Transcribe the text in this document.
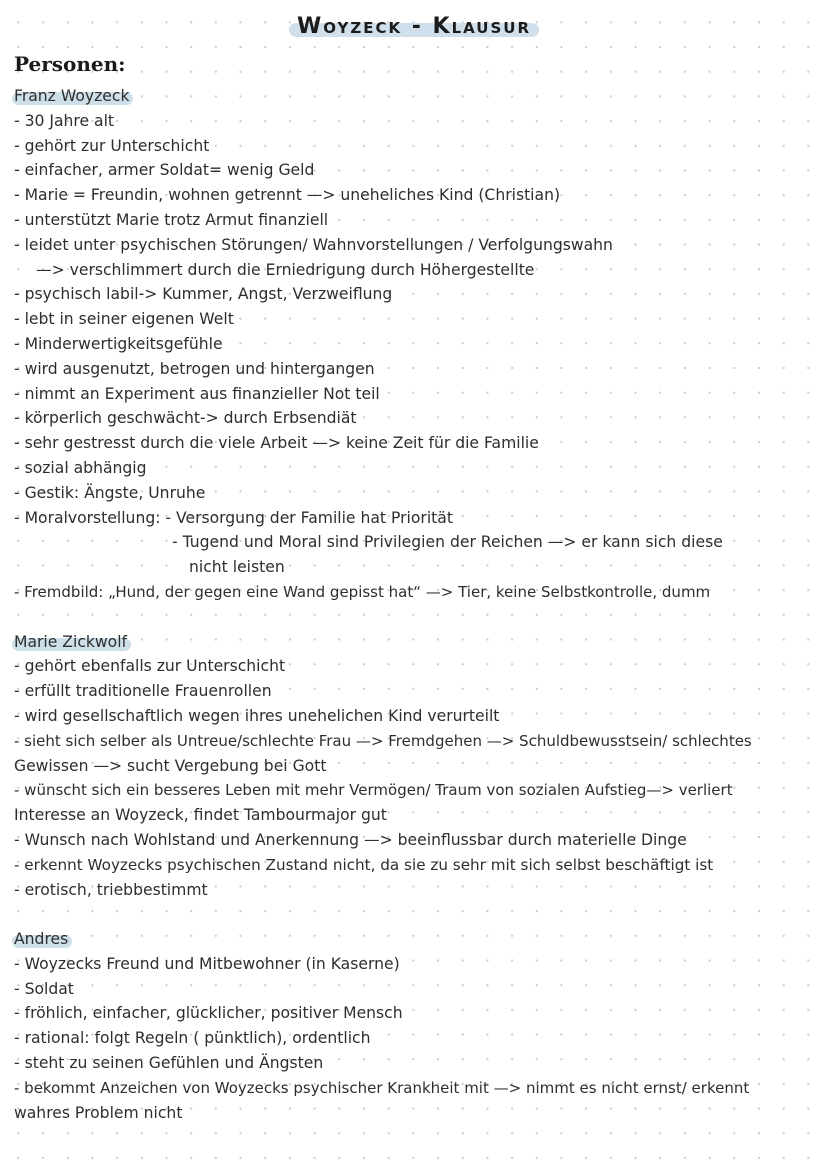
Woyzeck - Klausur
Personen:
Franz Woyzeck
- 30 Jahre alt
- gehört zur Unterschicht
- einfacher, armer Soldat= wenig Geld
- Marie = Freundin, wohnen getrennt —> uneheliches Kind (Christian)
- unterstützt Marie trotz Armut finanziell
- leidet unter psychischen Störungen/ Wahnvorstellungen / Verfolgungswahn
—> verschlimmert durch die Erniedrigung durch Höhergestellte
- psychisch labil-> Kummer, Angst, Verzweiflung
- lebt in seiner eigenen Welt
- Minderwertigkeitsgefühle
- wird ausgenutzt, betrogen und hintergangen
- nimmt an Experiment aus finanzieller Not teil
- körperlich geschwächt-> durch Erbsendiät
- sehr gestresst durch die viele Arbeit —> keine Zeit für die Familie
- sozial abhängig
- Gestik: Ängste, Unruhe
- Moralvorstellung: - Versorgung der Familie hat Priorität
- Tugend und Moral sind Privilegien der Reichen —> er kann sich diese
nicht leisten
- Fremdbild: „Hund, der gegen eine Wand gepisst hat“ —> Tier, keine Selbstkontrolle, dumm
Marie Zickwolf
- gehört ebenfalls zur Unterschicht
- erfüllt traditionelle Frauenrollen
- wird gesellschaftlich wegen ihres unehelichen Kind verurteilt
- sieht sich selber als Untreue/schlechte Frau —> Fremdgehen —> Schuldbewusstsein/ schlechtes
Gewissen —> sucht Vergebung bei Gott
- wünscht sich ein besseres Leben mit mehr Vermögen/ Traum von sozialen Aufstieg—> verliert
Interesse an Woyzeck, findet Tambourmajor gut
- Wunsch nach Wohlstand und Anerkennung —> beeinflussbar durch materielle Dinge
- erkennt Woyzecks psychischen Zustand nicht, da sie zu sehr mit sich selbst beschäftigt ist
- erotisch, triebbestimmt
Andres
- Woyzecks Freund und Mitbewohner (in Kaserne)
- Soldat
- fröhlich, einfacher, glücklicher, positiver Mensch
- rational: folgt Regeln ( pünktlich), ordentlich
- steht zu seinen Gefühlen und Ängsten
- bekommt Anzeichen von Woyzecks psychischer Krankheit mit —> nimmt es nicht ernst/ erkennt
wahres Problem nicht
